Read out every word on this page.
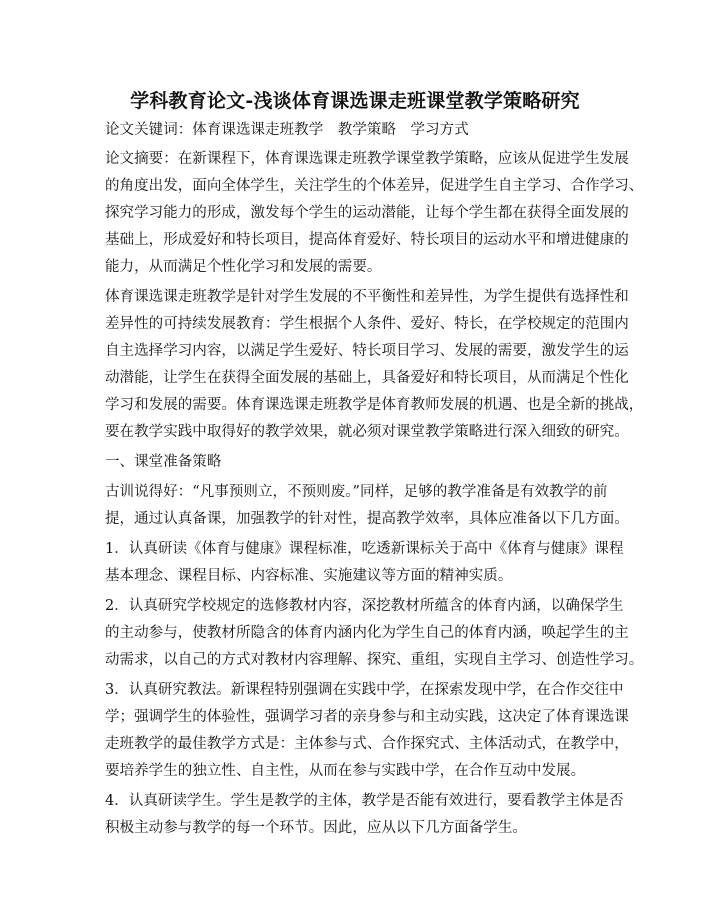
学科教育论文-浅谈体育课选课走班课堂教学策略研究
论文关键词：体育课选课走班教学　教学策略　学习方式
论文摘要：在新课程下，体育课选课走班教学课堂教学策略，应该从促进学生发展
的角度出发，面向全体学生，关注学生的个体差异，促进学生自主学习、合作学习、
探究学习能力的形成，激发每个学生的运动潜能，让每个学生都在获得全面发展的
基础上，形成爱好和特长项目，提高体育爱好、特长项目的运动水平和增进健康的
能力，从而满足个性化学习和发展的需要。
体育课选课走班教学是针对学生发展的不平衡性和差异性，为学生提供有选择性和
差异性的可持续发展教育：学生根据个人条件、爱好、特长，在学校规定的范围内
自主选择学习内容，以满足学生爱好、特长项目学习、发展的需要，激发学生的运
动潜能，让学生在获得全面发展的基础上，具备爱好和特长项目，从而满足个性化
学习和发展的需要。体育课选课走班教学是体育教师发展的机遇、也是全新的挑战，
要在教学实践中取得好的教学效果，就必须对课堂教学策略进行深入细致的研究。
一、课堂准备策略
古训说得好：“凡事预则立，不预则废。”同样，足够的教学准备是有效教学的前
提，通过认真备课，加强教学的针对性，提高教学效率，具体应准备以下几方面。
1．认真研读《体育与健康》课程标准，吃透新课标关于高中《体育与健康》课程
基本理念、课程目标、内容标准、实施建议等方面的精神实质。
2．认真研究学校规定的选修教材内容，深挖教材所蕴含的体育内涵，以确保学生
的主动参与，使教材所隐含的体育内涵内化为学生自己的体育内涵，唤起学生的主
动需求，以自己的方式对教材内容理解、探究、重组，实现自主学习、创造性学习。
3．认真研究教法。新课程特别强调在实践中学，在探索发现中学，在合作交往中
学；强调学生的体验性，强调学习者的亲身参与和主动实践，这决定了体育课选课
走班教学的最佳教学方式是：主体参与式、合作探究式、主体活动式，在教学中，
要培养学生的独立性、自主性，从而在参与实践中学，在合作互动中发展。
4．认真研读学生。学生是教学的主体，教学是否能有效进行，要看教学主体是否
积极主动参与教学的每一个环节。因此，应从以下几方面备学生。
